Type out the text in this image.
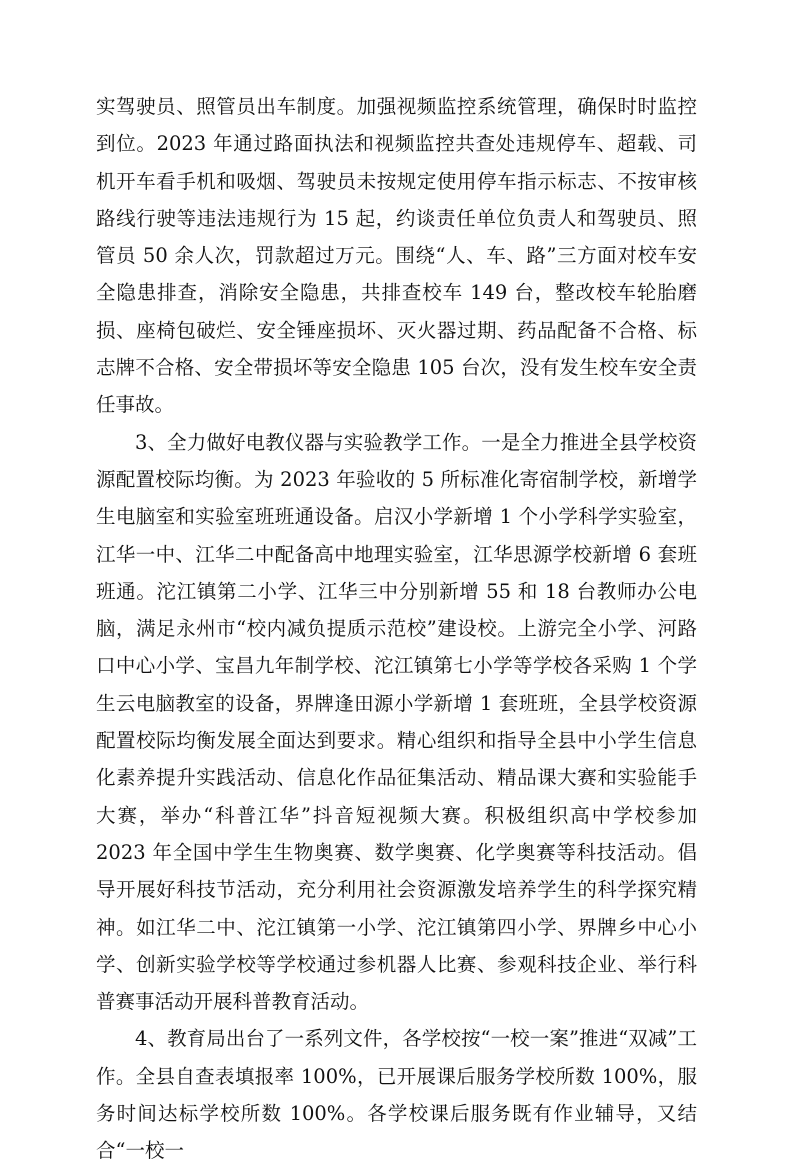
实驾驶员、照管员出车制度。加强视频监控系统管理，确保时时监控到位。2023 年通过路面执法和视频监控共查处违规停车、超载、司机开车看手机和吸烟、驾驶员未按规定使用停车指示标志、不按审核路线行驶等违法违规行为 15 起，约谈责任单位负责人和驾驶员、照管员 50 余人次，罚款超过万元。围绕“人、车、路”三方面对校车安全隐患排查，消除安全隐患，共排查校车 149 台，整改校车轮胎磨损、座椅包破烂、安全锤座损坏、灭火器过期、药品配备不合格、标志牌不合格、安全带损坏等安全隐患 105 台次，没有发生校车安全责任事故。

3、全力做好电教仪器与实验教学工作。一是全力推进全县学校资源配置校际均衡。为 2023 年验收的 5 所标准化寄宿制学校，新增学生电脑室和实验室班班通设备。启汉小学新增 1 个小学科学实验室，江华一中、江华二中配备高中地理实验室，江华思源学校新增 6 套班班通。沱江镇第二小学、江华三中分别新增 55 和 18 台教师办公电脑，满足永州市“校内减负提质示范校”建设校。上游完全小学、河路口中心小学、宝昌九年制学校、沱江镇第七小学等学校各采购 1 个学生云电脑教室的设备，界牌逢田源小学新增 1 套班班，全县学校资源配置校际均衡发展全面达到要求。精心组织和指导全县中小学生信息化素养提升实践活动、信息化作品征集活动、精品课大赛和实验能手大赛，举办“科普江华”抖音短视频大赛。积极组织高中学校参加 2023 年全国中学生生物奥赛、数学奥赛、化学奥赛等科技活动。倡导开展好科技节活动，充分利用社会资源激发培养学生的科学探究精神。如江华二中、沱江镇第一小学、沱江镇第四小学、界牌乡中心小学、创新实验学校等学校通过参机器人比赛、参观科技企业、举行科普赛事活动开展科普教育活动。

4、教育局出台了一系列文件，各学校按“一校一案”推进“双减”工作。全县自查表填报率 100%，已开展课后服务学校所数 100%，服务时间达标学校所数 100%。各学校课后服务既有作业辅导，又结合“一校一
